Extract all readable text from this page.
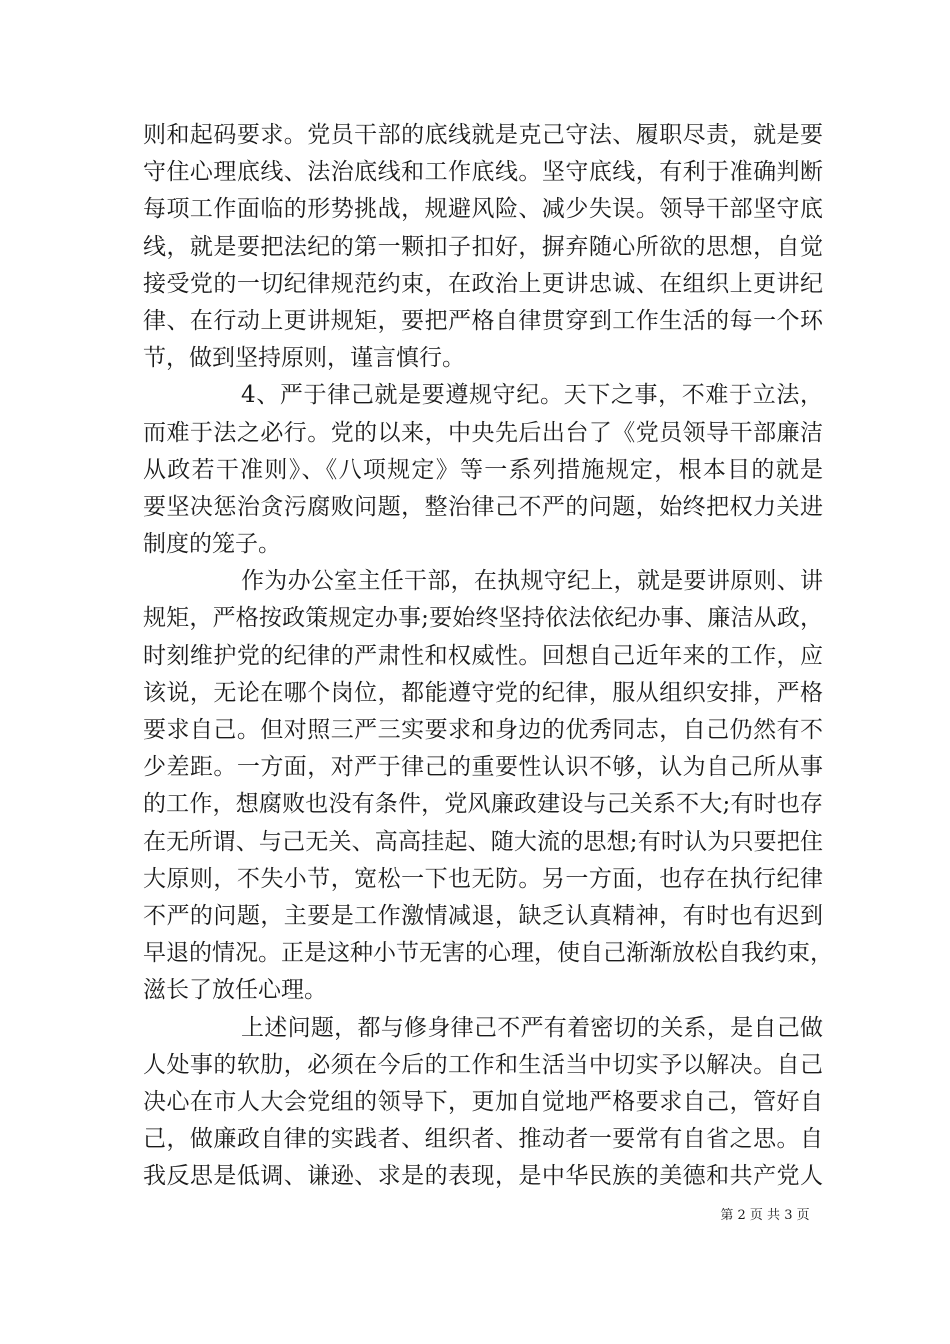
则和起码要求。党员干部的底线就是克己守法、履职尽责，就是要
守住心理底线、法治底线和工作底线。坚守底线，有利于准确判断
每项工作面临的形势挑战，规避风险、减少失误。领导干部坚守底
线，就是要把法纪的第一颗扣子扣好，摒弃随心所欲的思想，自觉
接受党的一切纪律规范约束，在政治上更讲忠诚、在组织上更讲纪
律、在行动上更讲规矩，要把严格自律贯穿到工作生活的每一个环
节，做到坚持原则，谨言慎行。
4、严于律己就是要遵规守纪。天下之事，不难于立法，
而难于法之必行。党的以来，中央先后出台了《党员领导干部廉洁
从政若干准则》、《八项规定》等一系列措施规定，根本目的就是
要坚决惩治贪污腐败问题，整治律己不严的问题，始终把权力关进
制度的笼子。
作为办公室主任干部，在执规守纪上，就是要讲原则、讲
规矩，严格按政策规定办事;要始终坚持依法依纪办事、廉洁从政，
时刻维护党的纪律的严肃性和权威性。回想自己近年来的工作，应
该说，无论在哪个岗位，都能遵守党的纪律，服从组织安排，严格
要求自己。但对照三严三实要求和身边的优秀同志，自己仍然有不
少差距。一方面，对严于律己的重要性认识不够，认为自己所从事
的工作，想腐败也没有条件，党风廉政建设与己关系不大;有时也存
在无所谓、与己无关、高高挂起、随大流的思想;有时认为只要把住
大原则，不失小节，宽松一下也无防。另一方面，也存在执行纪律
不严的问题，主要是工作激情减退，缺乏认真精神，有时也有迟到
早退的情况。正是这种小节无害的心理，使自己渐渐放松自我约束，
滋长了放任心理。
上述问题，都与修身律己不严有着密切的关系，是自己做
人处事的软肋，必须在今后的工作和生活当中切实予以解决。自己
决心在市人大会党组的领导下，更加自觉地严格要求自己，管好自
己，做廉政自律的实践者、组织者、推动者一要常有自省之思。自
我反思是低调、谦逊、求是的表现，是中华民族的美德和共产党人
第 2 页 共 3 页
